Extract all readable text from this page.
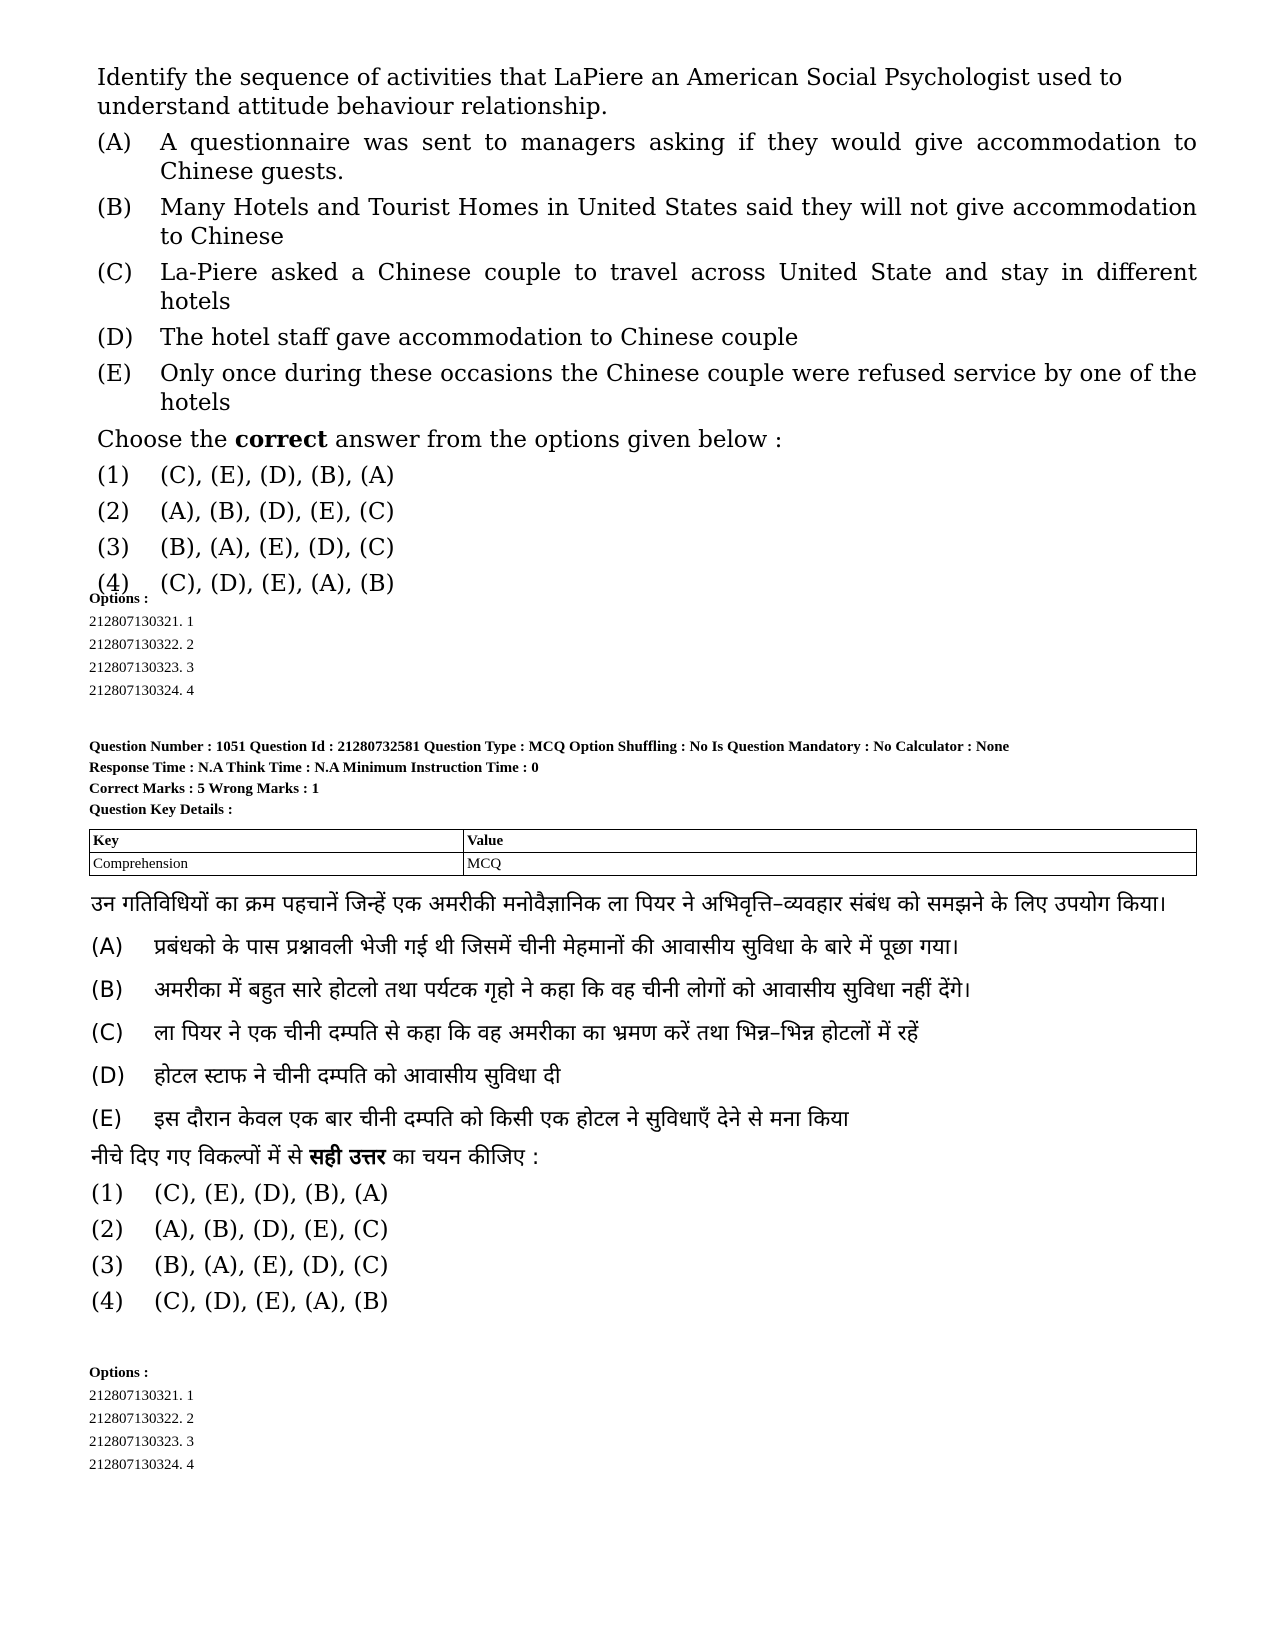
Identify the sequence of activities that LaPiere an American Social Psychologist used to understand attitude behaviour relationship.
(A)	A questionnaire was sent to managers asking if they would give accommodation to Chinese guests.
(B)	Many Hotels and Tourist Homes in United States said they will not give accommodation to Chinese
(C)	La-Piere asked a Chinese couple to travel across United State and stay in different hotels
(D)	The hotel staff gave accommodation to Chinese couple
(E)	Only once during these occasions the Chinese couple were refused service by one of the hotels
Choose the correct answer from the options given below :
(1)	(C), (E), (D), (B), (A)
(2)	(A), (B), (D), (E), (C)
(3)	(B), (A), (E), (D), (C)
(4)	(C), (D), (E), (A), (B)
Options :
212807130321. 1
212807130322. 2
212807130323. 3
212807130324. 4
Question Number : 1051 Question Id : 21280732581 Question Type : MCQ Option Shuffling : No Is Question Mandatory : No Calculator : None
Response Time : N.A Think Time : N.A Minimum Instruction Time : 0
Correct Marks : 5 Wrong Marks : 1
Question Key Details :
Key	Value
Comprehension	MCQ
उन गतिविधियों का क्रम पहचानें जिन्हें एक अमरीकी मनोवैज्ञानिक ला पियर ने अभिवृत्ति–व्यवहार संबंध को समझने के लिए उपयोग किया।
(A)	प्रबंधको के पास प्रश्नावली भेजी गई थी जिसमें चीनी मेहमानों की आवासीय सुविधा के बारे में पूछा गया।
(B)	अमरीका में बहुत सारे होटलो तथा पर्यटक गृहो ने कहा कि वह चीनी लोगों को आवासीय सुविधा नहीं देंगे।
(C)	ला पियर ने एक चीनी दम्पति से कहा कि वह अमरीका का भ्रमण करें तथा भिन्न–भिन्न होटलों में रहें
(D)	होटल स्टाफ ने चीनी दम्पति को आवासीय सुविधा दी
(E)	इस दौरान केवल एक बार चीनी दम्पति को किसी एक होटल ने सुविधाएँ देने से मना किया
नीचे दिए गए विकल्पों में से सही उत्तर का चयन कीजिए :
(1)	(C), (E), (D), (B), (A)
(2)	(A), (B), (D), (E), (C)
(3)	(B), (A), (E), (D), (C)
(4)	(C), (D), (E), (A), (B)
Options :
212807130321. 1
212807130322. 2
212807130323. 3
212807130324. 4
